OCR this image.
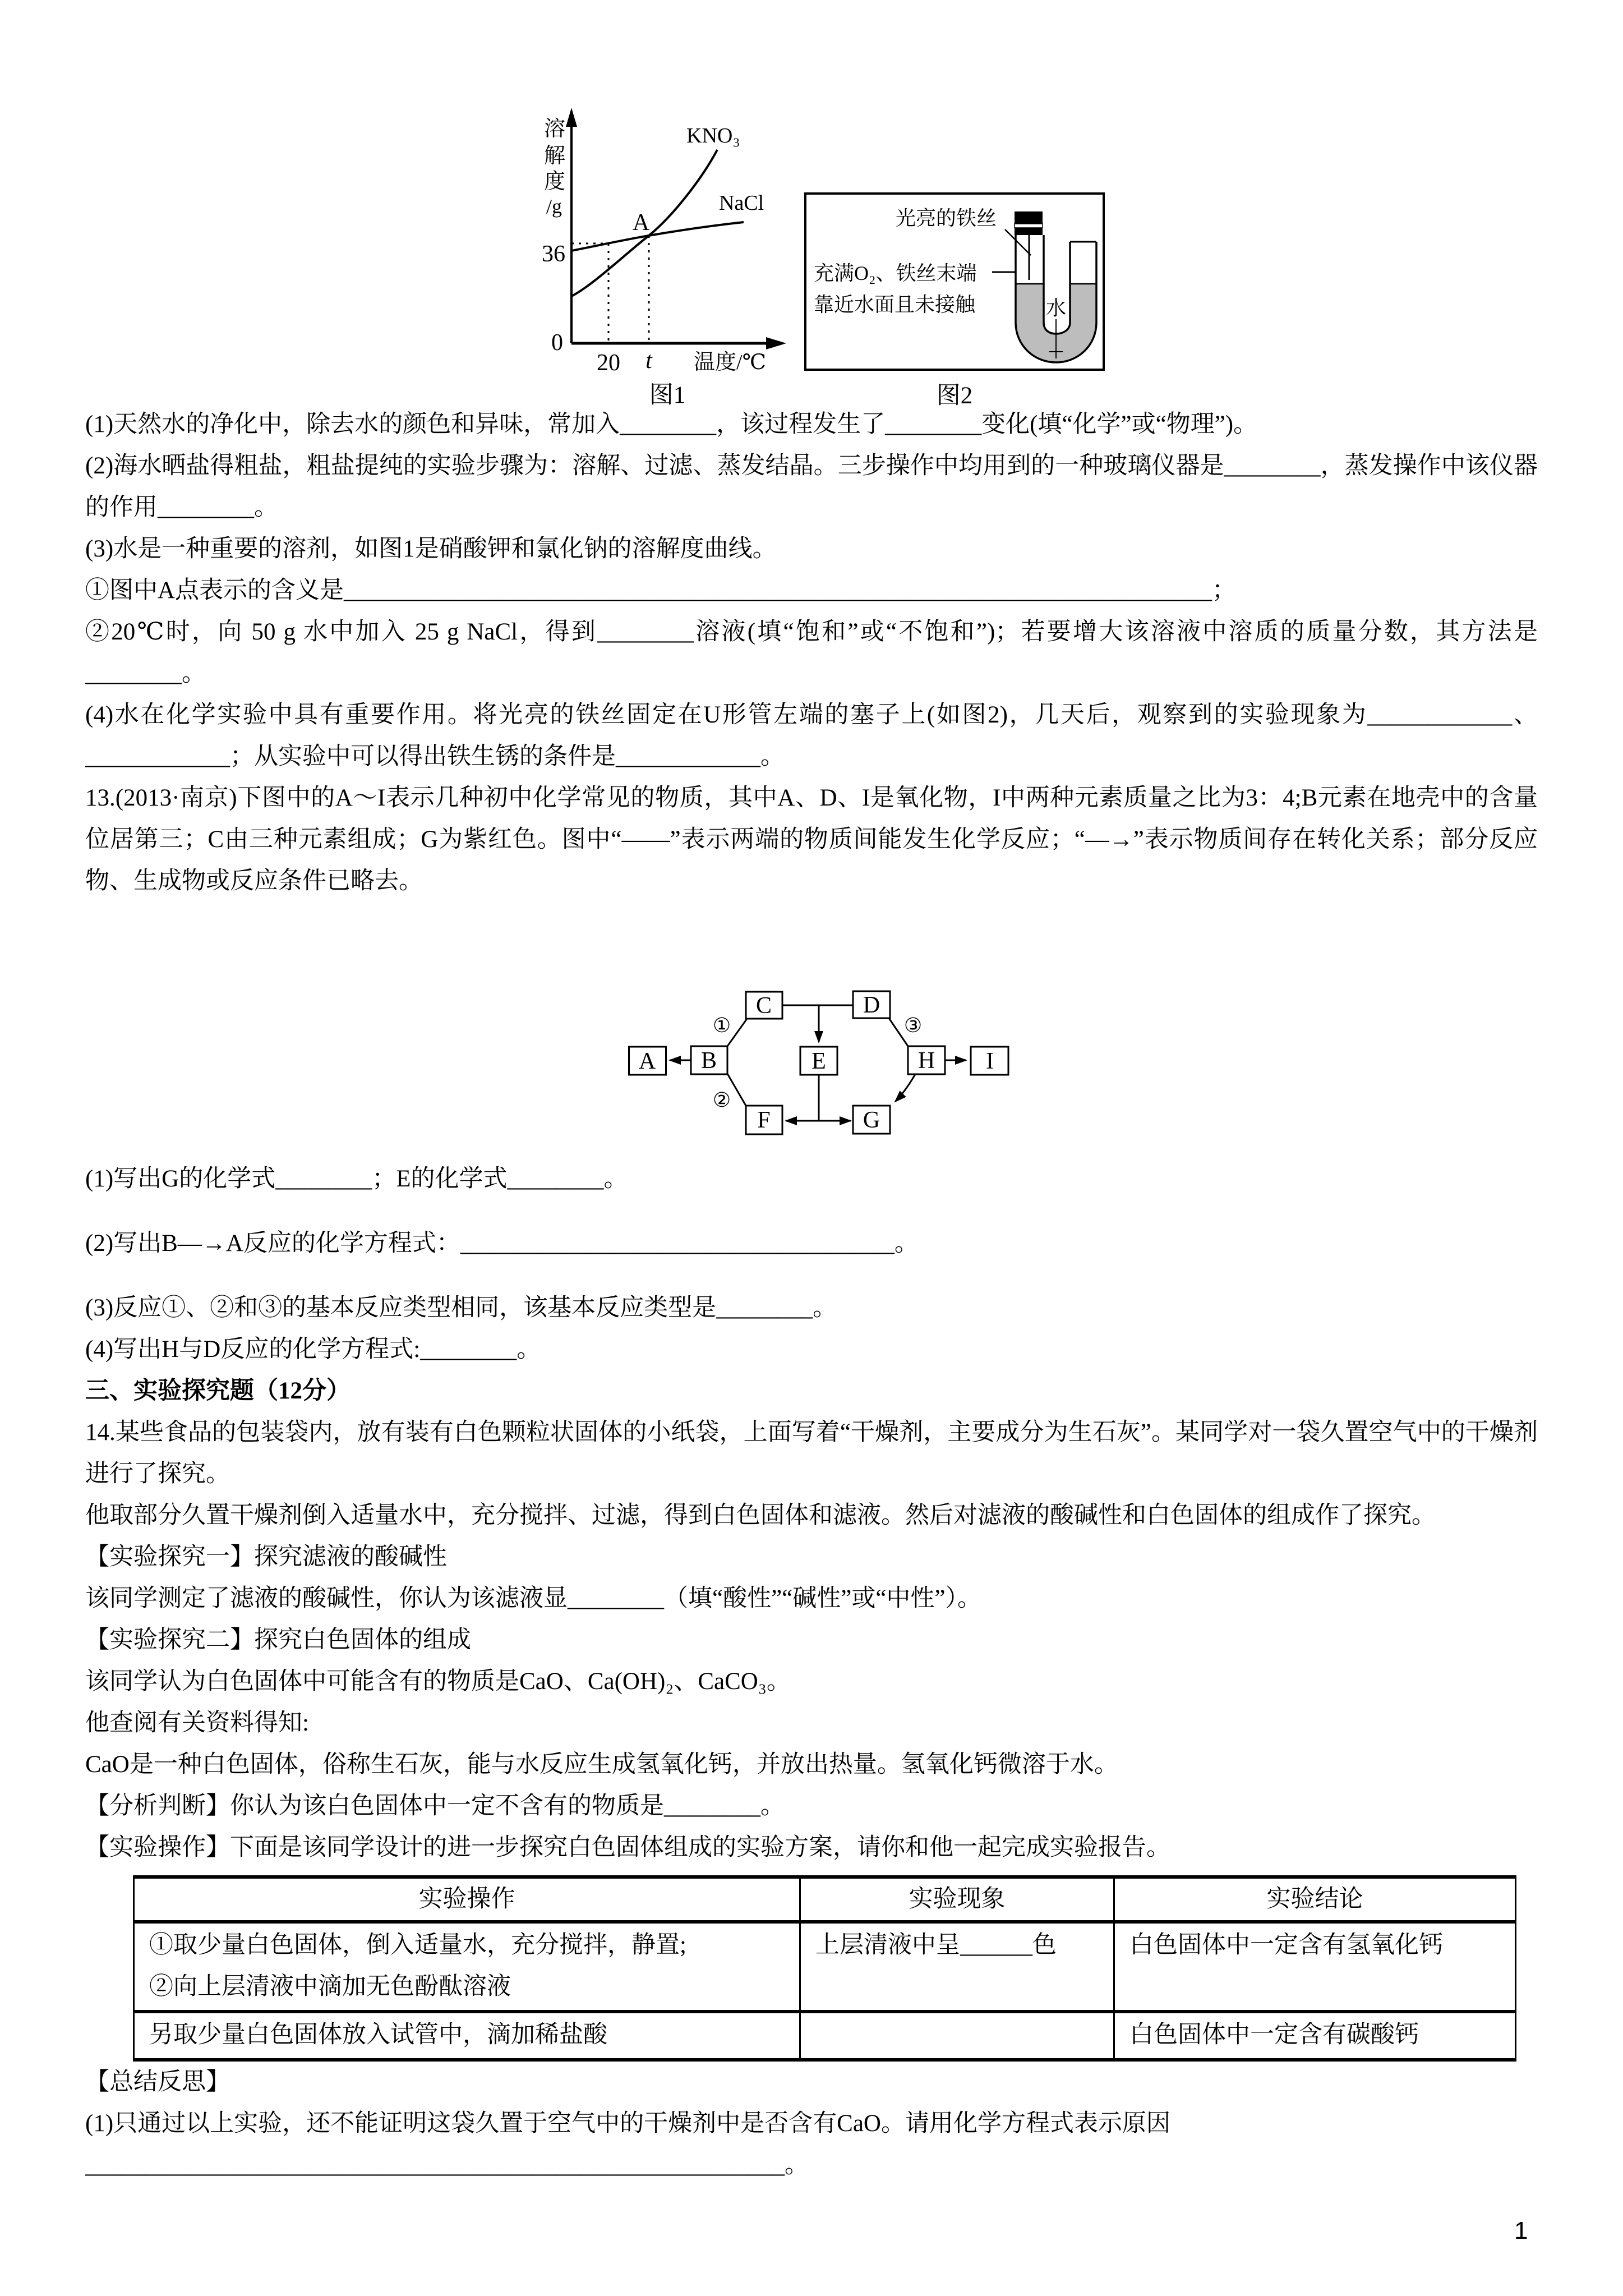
溶
解
度
/g
36
0
20 t 温度/℃
A
KNO₃
NaCl
图1
光亮的铁丝
充满O₂、铁丝末端
靠近水面且未接触	水
图2

(1)天然水的净化中，除去水的颜色和异味，常加入________，该过程发生了________变化(填“化学”或“物理”)。

(2)海水晒盐得粗盐，粗盐提纯的实验步骤为：溶解、过滤、蒸发结晶。三步操作中均用到的一种玻璃仪器是________，蒸发操作中该仪器的作用________。

(3)水是一种重要的溶剂，如图1是硝酸钾和氯化钠的溶解度曲线。

①图中A点表示的含义是________________________________________________________________________；

②20℃时，向 50 g 水中加入 25 g NaCl，得到________溶液(填“饱和”或“不饱和”)；若要增大该溶液中溶质的质量分数，其方法是________。

(4)水在化学实验中具有重要作用。将光亮的铁丝固定在U形管左端的塞子上(如图2)，几天后，观察到的实验现象为____________、____________；从实验中可以得出铁生锈的条件是____________。

13.(2013·南京)下图中的A～I表示几种初中化学常见的物质，其中A、D、I是氧化物，I中两种元素质量之比为3：4;B元素在地壳中的含量位居第三；C由三种元素组成；G为紫红色。图中“——”表示两端的物质间能发生化学反应；“—→”表示物质间存在转化关系；部分反应物、生成物或反应条件已略去。

①
②
③
A B
C	D
E	H I
F	G

(1)写出G的化学式________；E的化学式________。

(2)写出B—→A反应的化学方程式：____________________________________。

(3)反应①、②和③的基本反应类型相同，该基本反应类型是________。

(4)写出H与D反应的化学方程式:________。

三、实验探究题（12分）

14.某些食品的包装袋内，放有装有白色颗粒状固体的小纸袋，上面写着“干燥剂，主要成分为生石灰”。某同学对一袋久置空气中的干燥剂进行了探究。

他取部分久置干燥剂倒入适量水中，充分搅拌、过滤，得到白色固体和滤液。然后对滤液的酸碱性和白色固体的组成作了探究。

【实验探究一】探究滤液的酸碱性

该同学测定了滤液的酸碱性，你认为该滤液显________（填“酸性”“碱性”或“中性”）。

【实验探究二】探究白色固体的组成

该同学认为白色固体中可能含有的物质是CaO、Ca(OH)₂、CaCO₃。

他查阅有关资料得知:

CaO是一种白色固体，俗称生石灰，能与水反应生成氢氧化钙，并放出热量。氢氧化钙微溶于水。

【分析判断】你认为该白色固体中一定不含有的物质是________。

【实验操作】下面是该同学设计的进一步探究白色固体组成的实验方案，请你和他一起完成实验报告。

实验操作	实验现象	实验结论

①取少量白色固体，倒入适量水，充分搅拌，静置;
②向上层清液中滴加无色酚酞溶液	上层清液中呈______色	白色固体中一定含有氢氧化钙
另取少量白色固体放入试管中，滴加稀盐酸		白色固体中一定含有碳酸钙

【总结反思】

(1)只通过以上实验，还不能证明这袋久置于空气中的干燥剂中是否含有CaO。请用化学方程式表示原因

__________________________________________________________。

1
